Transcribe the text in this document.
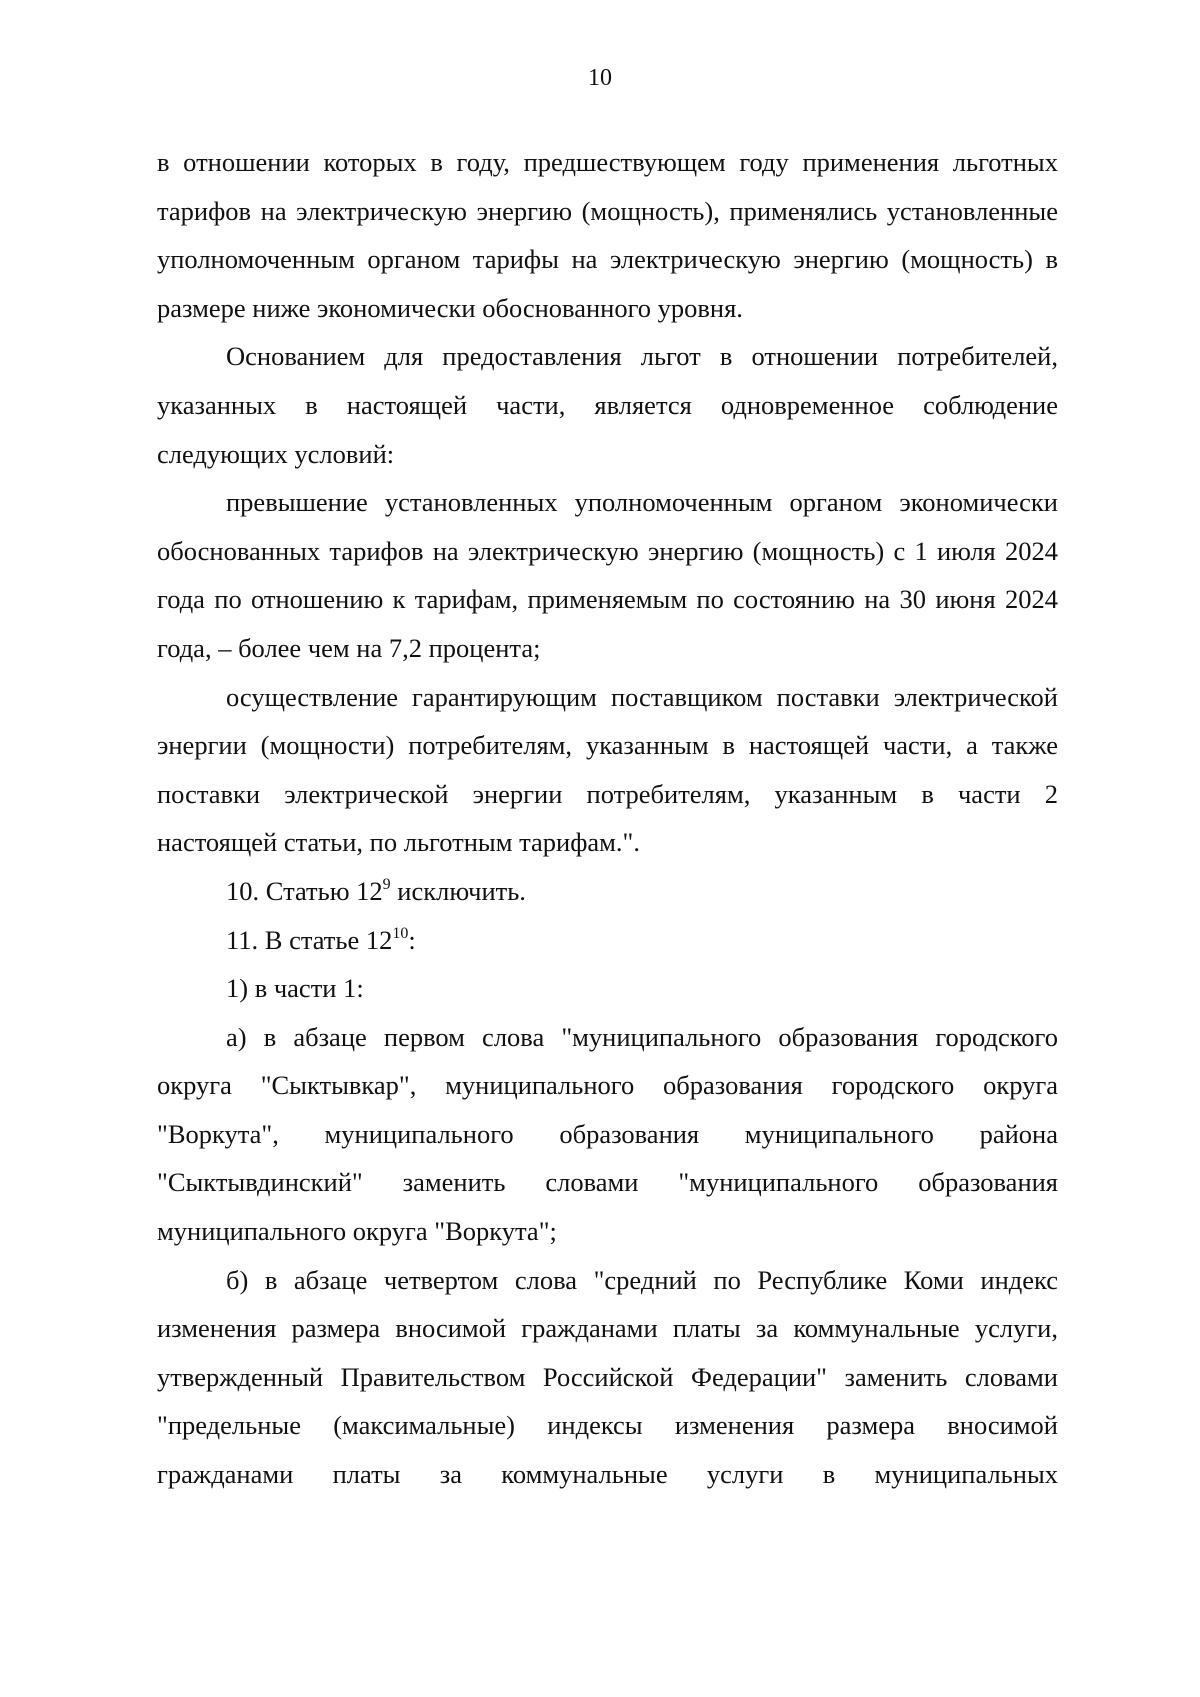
10

в отношении которых в году, предшествующем году применения льготных тарифов на электрическую энергию (мощность), применялись установленные уполномоченным органом тарифы на электрическую энергию (мощность) в размере ниже экономически обоснованного уровня.

Основанием для предоставления льгот в отношении потребителей, указанных в настоящей части, является одновременное соблюдение следующих условий:

превышение установленных уполномоченным органом экономически обоснованных тарифов на электрическую энергию (мощность) с 1 июля 2024 года по отношению к тарифам, применяемым по состоянию на 30 июня 2024 года, – более чем на 7,2 процента;

осуществление гарантирующим поставщиком поставки электрической энергии (мощности) потребителям, указанным в настоящей части, а также поставки электрической энергии потребителям, указанным в части 2 настоящей статьи, по льготным тарифам.".

10. Статью $12^9$ исключить.

11. В статье $12^{10}$:

1) в части 1:

а) в абзаце первом слова "муниципального образования городского округа "Сыктывкар", муниципального образования городского округа "Воркута", муниципального образования муниципального района "Сыктывдинский" заменить словами "муниципального образования муниципального округа "Воркута";

б) в абзаце четвертом слова "средний по Республике Коми индекс изменения размера вносимой гражданами платы за коммунальные услуги, утвержденный Правительством Российской Федерации" заменить словами "предельные (максимальные) индексы изменения размера вносимой гражданами платы за коммунальные услуги в муниципальных
